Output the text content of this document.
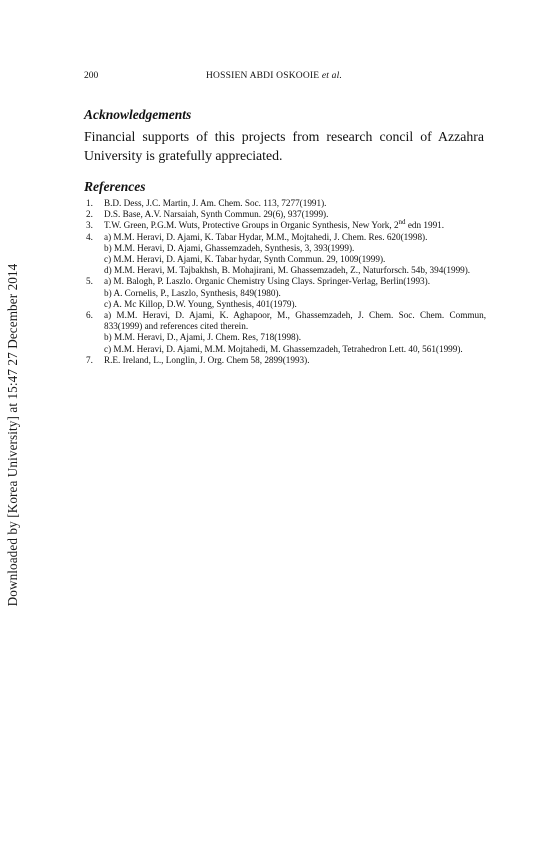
Downloaded by [Korea University] at 15:47 27 December 2014
200	HOSSIEN ABDI OSKOOIE et al.
Acknowledgements
Financial supports of this projects from research concil of Azzahra University is gratefully appreciated.
References
1. B.D. Dess, J.C. Martin, J. Am. Chem. Soc. 113, 7277(1991).
2. D.S. Base, A.V. Narsaiah, Synth Commun. 29(6), 937(1999).
3. T.W. Green, P.G.M. Wuts, Protective Groups in Organic Synthesis, New York, 2nd edn 1991.
4. a) M.M. Heravi, D. Ajami, K. Tabar Hydar, M.M., Mojtahedi, J. Chem. Res. 620(1998).
b) M.M. Heravi, D. Ajami, Ghassemzadeh, Synthesis, 3, 393(1999).
c) M.M. Heravi, D. Ajami, K. Tabar hydar, Synth Commun. 29, 1009(1999).
d) M.M. Heravi, M. Tajbakhsh, B. Mohajirani, M. Ghassemzadeh, Z., Naturforsch. 54b, 394(1999).
5. a) M. Balogh, P. Laszlo. Organic Chemistry Using Clays. Springer-Verlag, Berlin(1993).
b) A. Cornelis, P., Laszlo, Synthesis, 849(1980).
c) A. Mc Killop, D.W. Young, Synthesis, 401(1979).
6. a) M.M. Heravi, D. Ajami, K. Aghapoor, M., Ghassemzadeh, J. Chem. Soc. Chem. Commun, 833(1999) and references cited therein.
b) M.M. Heravi, D., Ajami, J. Chem. Res, 718(1998).
c) M.M. Heravi, D. Ajami, M.M. Mojtahedi, M. Ghassemzadeh, Tetrahedron Lett. 40, 561(1999).
7. R.E. Ireland, L., Longlin, J. Org. Chem 58, 2899(1993).
